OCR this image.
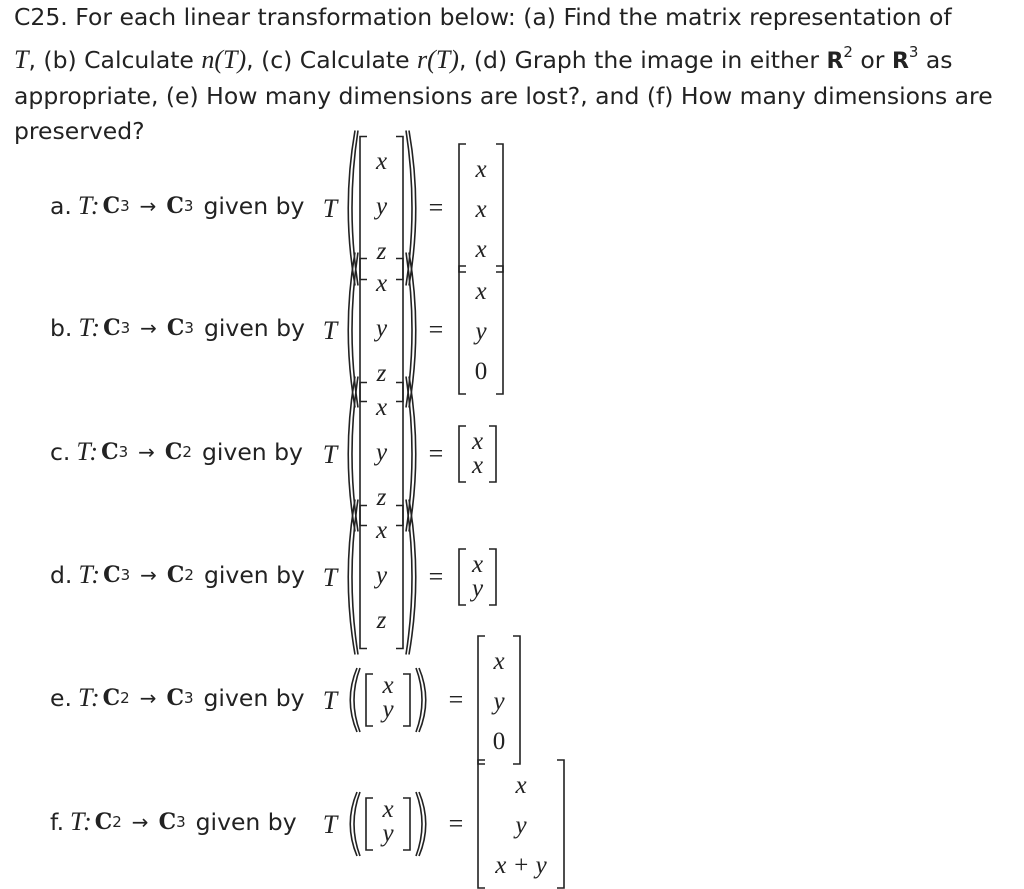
C25. For each linear transformation below: (a) Find the matrix representation of
T, (b) Calculate n(T), (c) Calculate r(T), (d) Graph the image in either $R^2$ or $R^3$ as appropriate, (e) How many dimensions are lost?, and (f) How many dimensions are preserved?

a. T: C 3 → C 3 given by
b. T: C 3 → C 3 given by
c. T: C 3 → C 2 given by
d. T: C 3 → C 2 given by
e. T: C 2 → C 3 given by
f. T: C 2 → C 3 given by
T
x
y
z
=
x
x
x
T
x
y
z
=
x
y
0
T
x
y
z
= x
x
T
x
y
z
= x
y
T
x
y =
x
y
0
T
x
y =
x
y
x + y
